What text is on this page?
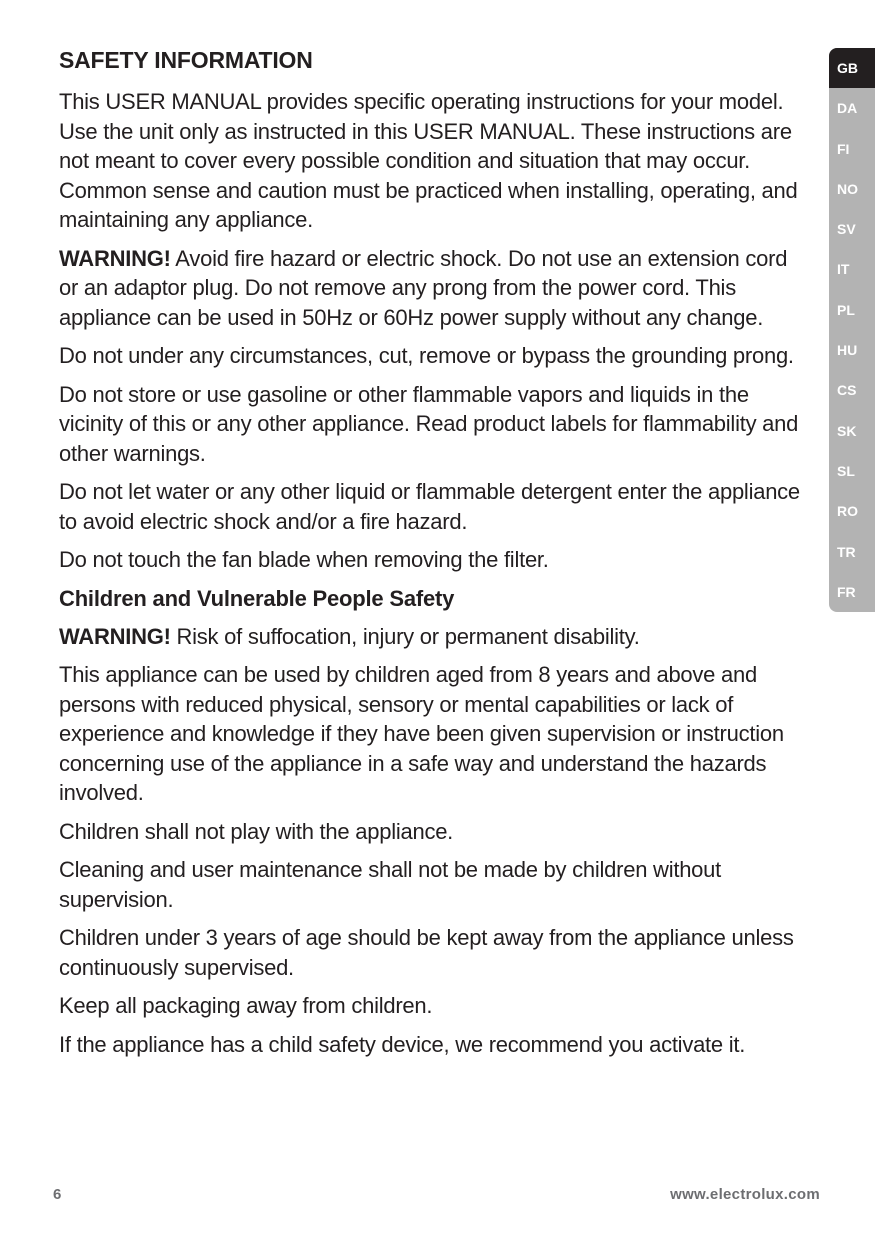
SAFETY INFORMATION

This USER MANUAL provides specific operating instructions for your model. Use the unit only as instructed in this USER MANUAL. These instructions are not meant to cover every possible condition and situation that may occur. Common sense and caution must be practiced when installing, operating, and maintaining any appliance.

WARNING! Avoid fire hazard or electric shock. Do not use an extension cord or an adaptor plug. Do not remove any prong from the power cord. This appliance can be used in 50Hz or 60Hz power supply without any change.

Do not under any circumstances, cut, remove or bypass the grounding prong.

Do not store or use gasoline or other flammable vapors and liquids in the vicinity of this or any other appliance. Read product labels for flammability and other warnings.

Do not let water or any other liquid or flammable detergent enter the appliance to avoid electric shock and/or a fire hazard.

Do not touch the fan blade when removing the filter.

Children and Vulnerable People Safety

WARNING! Risk of suffocation, injury or permanent disability.

This appliance can be used by children aged from 8 years and above and persons with reduced physical, sensory or mental capabilities or lack of experience and knowledge if they have been given supervision or instruction concerning use of the appliance in a safe way and understand the hazards involved.

Children shall not play with the appliance.

Cleaning and user maintenance shall not be made by children without supervision.

Children under 3 years of age should be kept away from the appliance unless continuously supervised.

Keep all packaging away from children.

If the appliance has a child safety device, we recommend you activate it.

GB
DA
FI
NO
SV
IT
PL
HU
CS
SK
SL
RO
TR
FR
6	www.electrolux.com
